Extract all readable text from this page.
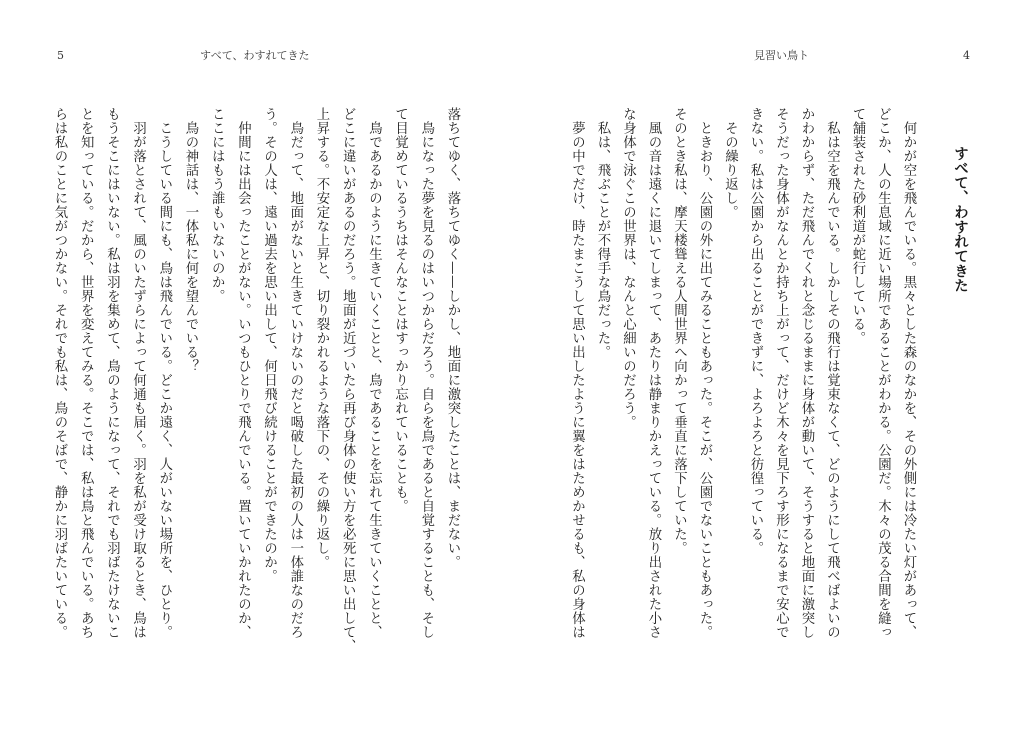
5	すべて、わすれてきた
落ちてゆく、落ちてゆく——しかし、地面に激突したことは、まだない。
　鳥になった夢を見るのはいつからだろう。自らを鳥であると自覚することも、そし
て目覚めているうちはそんなことはすっかり忘れていることも。
　鳥であるかのように生きていくことと、鳥であることを忘れて生きていくことと、
どこに違いがあるのだろう。地面が近づいたら再び身体の使い方を必死に思い出して、
上昇する。不安定な上昇と、切り裂かれるような落下の、その繰り返し。
　鳥だって、地面がないと生きていけないのだと喝破した最初の人は一体誰なのだろ
う。その人は、遠い過去を思い出して、何日飛び続けることができたのか。
　仲間には出会ったことがない。いつもひとりで飛んでいる。置いていかれたのか、
ここにはもう誰もいないのか。
　鳥の神話は、一体私に何を望んでいる？
　こうしている間にも、鳥は飛んでいる。どこか遠く、人がいない場所を、ひとり。
　羽が落とされて、風のいたずらによって何通も届く。羽を私が受け取るとき、鳥は
もうそこにはいない。私は羽を集めて、鳥のようになって、それでも羽ばたけないこ
とを知っている。だから、世界を変えてみる。そこでは、私は鳥と飛んでいる。あち
らは私のことに気がつかない。それでも私は、鳥のそばで、静かに羽ばたいている。
見習い鳥ト	4
すべて、わすれてきた
　何かが空を飛んでいる。黒々とした森のなかを、その外側には冷たい灯があって、
どこか、人の生息域に近い場所であることがわかる。公園だ。木々の茂る合間を縫っ
て舗装された砂利道が蛇行している。
　私は空を飛んでいる。しかしその飛行は覚束なくて、どのようにして飛べばよいの
かわからず、ただ飛んでくれと念じるままに身体が動いて、そうすると地面に激突し
そうだった身体がなんとか持ち上がって、だけど木々を見下ろす形になるまで安心で
きない。私は公園から出ることができずに、よろよろと彷徨っている。
　その繰り返し。
　ときおり、公園の外に出てみることもあった。そこが、公園でないこともあった。
そのとき私は、摩天楼聳える人間世界へ向かって垂直に落下していた。
　風の音は遠くに退いてしまって、あたりは静まりかえっている。放り出された小さ
な身体で泳ぐこの世界は、なんと心細いのだろう。
　私は、飛ぶことが不得手な鳥だった。
　夢の中でだけ、時たまこうして思い出したように翼をはためかせるも、私の身体は
